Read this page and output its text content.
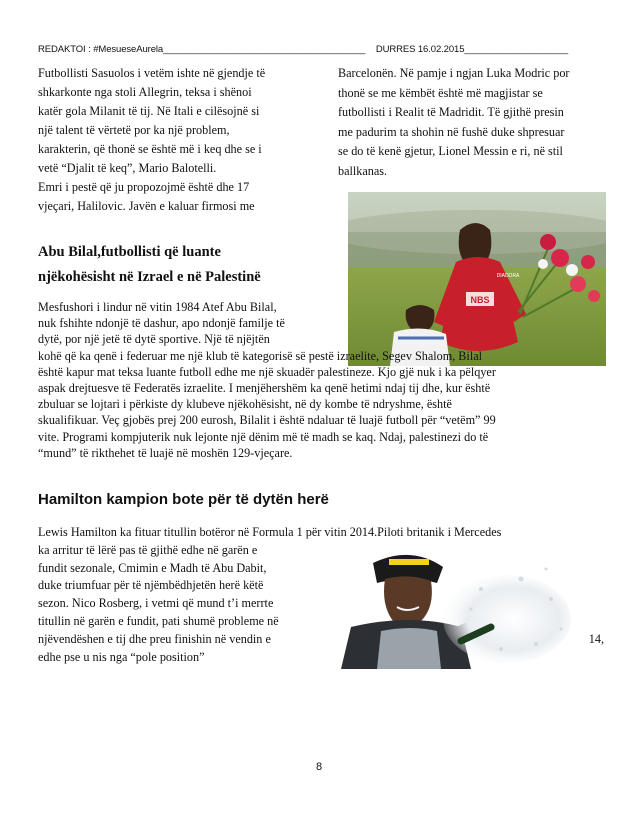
REDAKTOI : #MesueseAurela_______________________________________ DURRES 16.02.2015____________________
Futbollisti Sasuolos i vetëm ishte në gjendje të
shkarkonte nga stoli Allegrin, teksa i shënoi
katër gola Milanit të tij. Në Itali e cilësojnë si
një talent të vërtetë por ka një problem,
karakterin, që thonë se është më i keq dhe se i
vetë “Djalit të keq”, Mario Balotelli.
Emri i pestë që ju propozojmë është dhe 17
vjeçari, Halilovic. Javën e kaluar firmosi me
Barcelonën. Në pamje i ngjan Luka Modric por
thonë se me këmbët është më magjistar se
futbollisti i Realit të Madridit. Të gjithë presin
me padurim ta shohin në fushë duke shpresuar
se do të kenë gjetur, Lionel Messin e ri, në stil
ballkanas.
Abu Bilal,futbollisti që luante
njëkohësisht në Izrael e në Palestinë
NBS
DIADORA
Mesfushori i lindur në vitin 1984 Atef Abu Bilal,
nuk fshihte ndonjë të dashur, apo ndonjë familje të
dytë, por një jetë të dytë sportive. Një të njëjtën
kohë që ka qenë i federuar me një klub të kategorisë së pestë izraelite, Segev Shalom, Bilal
është kapur mat teksa luante futboll edhe me një skuadër palestineze. Kjo gjë nuk i ka pëlqyer
aspak drejtuesve të Federatës izraelite. I menjëhershëm ka qenë hetimi ndaj tij dhe, kur është
zbuluar se lojtari i përkiste dy klubeve njëkohësisht, në dy kombe të ndryshme, është
skualifikuar. Veç gjobës prej 200 eurosh, Bilalit i është ndaluar të luajë futboll për “vetëm” 99
vite. Programi kompjuterik nuk lejonte një dënim më të madh se kaq. Ndaj, palestinezi do të
“mund” të rikthehet të luajë në moshën 129-vjeçare.
Hamilton kampion bote për të dytën herë
Lewis Hamilton ka fituar titullin botëror në Formula 1 për vitin 2014.Piloti britanik i Mercedes
ka arritur të lërë pas të gjithë edhe në garën e
fundit sezonale, Cmimin e Madh të Abu Dabit,
duke triumfuar për të njëmbëdhjetën herë këtë
sezon. Nico Rosberg, i vetmi që mund t’i merrte
titullin në garën e fundit, pati shumë probleme në
njëvendëshen e tij dhe preu finishin në vendin e	14,
edhe pse u nis nga “pole position”
8
